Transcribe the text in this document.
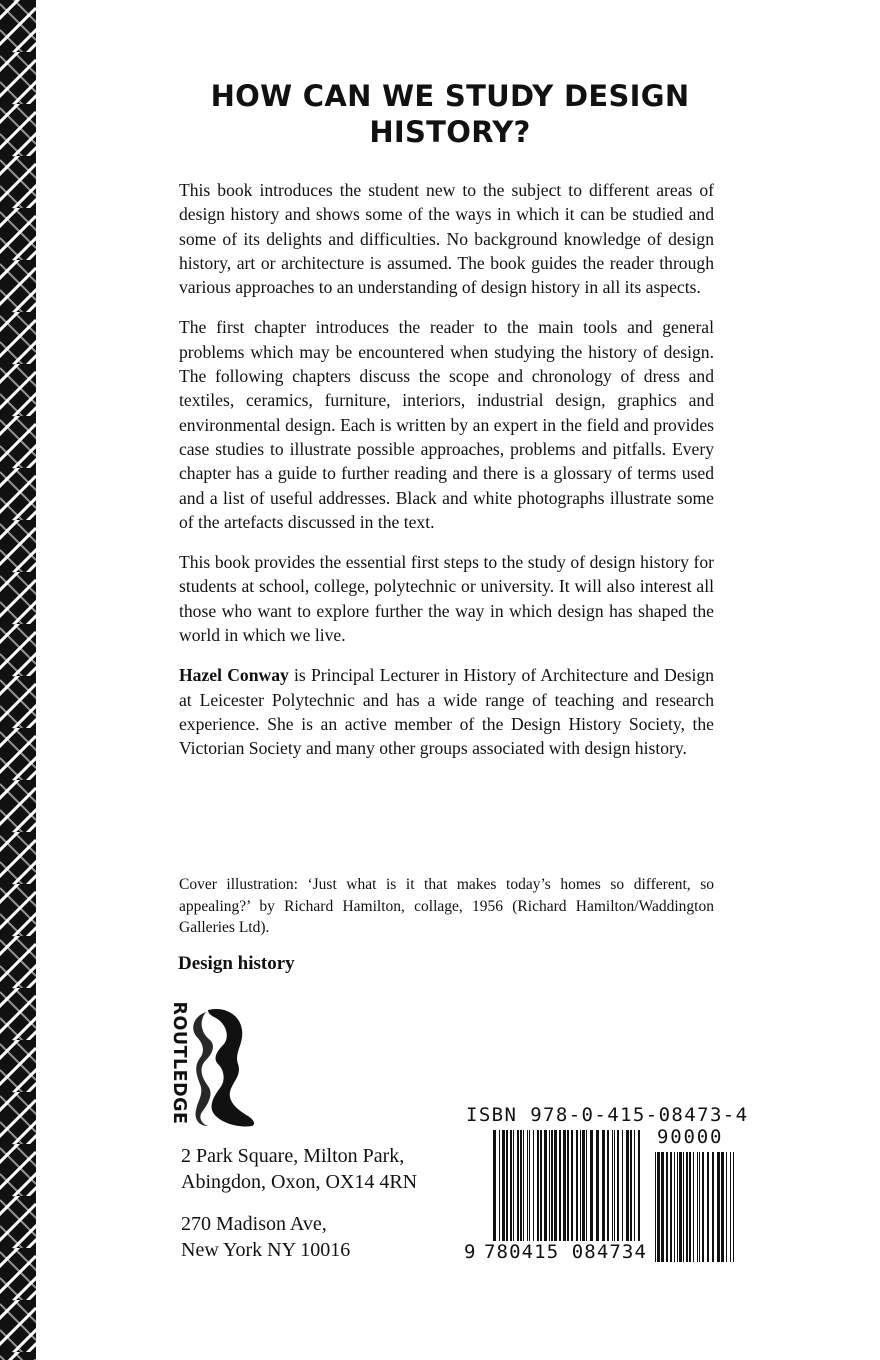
HOW CAN WE STUDY DESIGN HISTORY?

This book introduces the student new to the subject to different areas of design history and shows some of the ways in which it can be studied and some of its delights and difficulties. No background knowledge of design history, art or architecture is assumed. The book guides the reader through various approaches to an understanding of design history in all its aspects.

The first chapter introduces the reader to the main tools and general problems which may be encountered when studying the history of design. The following chapters discuss the scope and chronology of dress and textiles, ceramics, furniture, interiors, industrial design, graphics and environmental design. Each is written by an expert in the field and provides case studies to illustrate possible approaches, problems and pitfalls. Every chapter has a guide to further reading and there is a glossary of terms used and a list of useful addresses. Black and white photographs illustrate some of the artefacts discussed in the text.

This book provides the essential first steps to the study of design history for students at school, college, polytechnic or university. It will also interest all those who want to explore further the way in which design has shaped the world in which we live.

Hazel Conway is Principal Lecturer in History of Architecture and Design at Leicester Polytechnic and has a wide range of teaching and research experience. She is an active member of the Design History Society, the Victorian Society and many other groups associated with design history.

Cover illustration: ‘Just what is it that makes today’s homes so different, so appealing?’ by Richard Hamilton, collage, 1956 (Richard Hamilton/Waddington Galleries Ltd).

Design history

ROUTLEDGE

2 Park Square, Milton Park,
Abingdon, Oxon, OX14 4RN

270 Madison Ave,
New York NY 10016

ISBN 978-0-415-08473-4

90000

9 780415 084734
